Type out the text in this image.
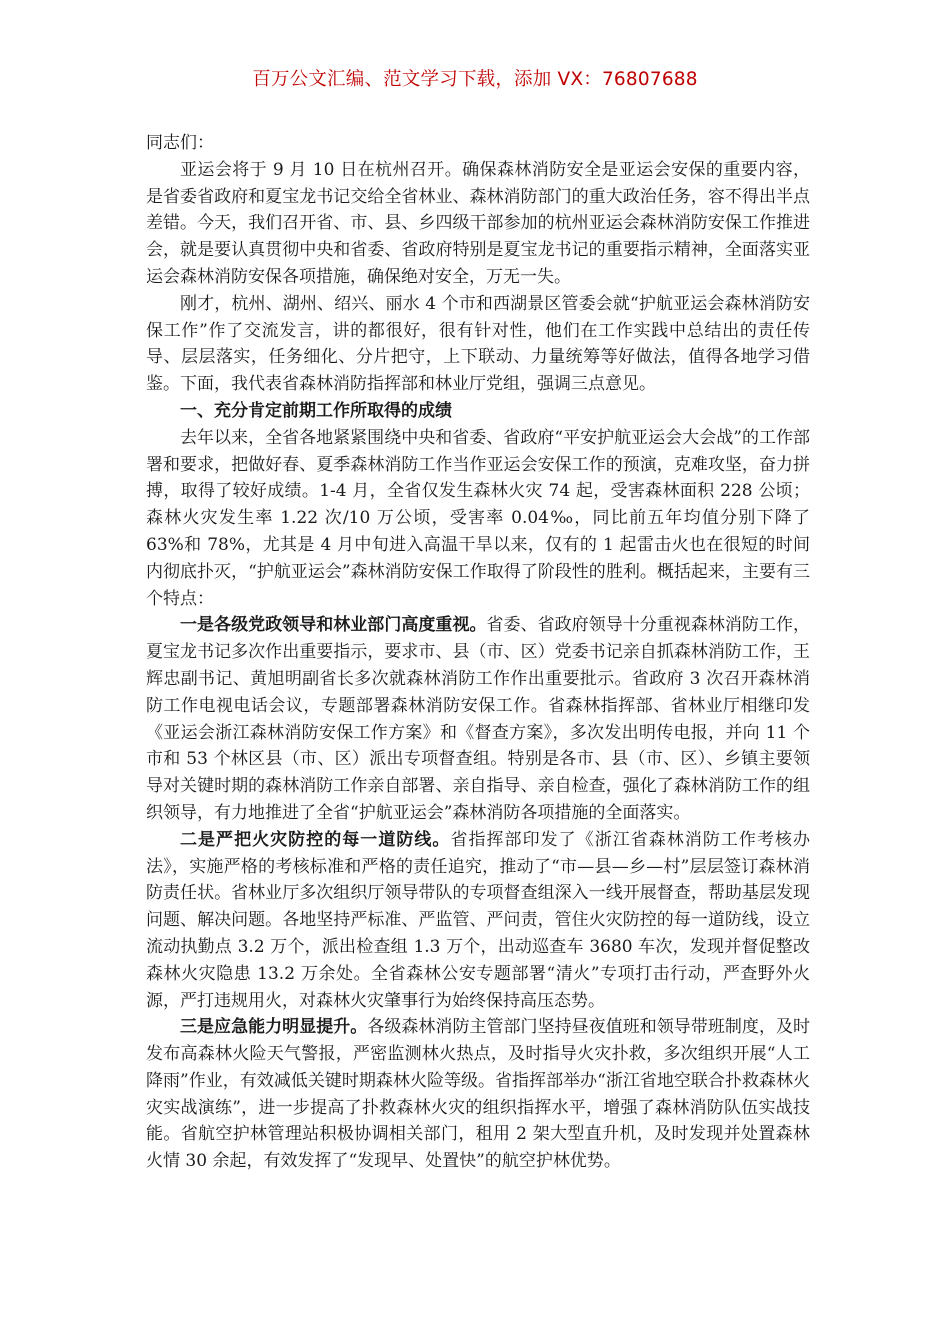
百万公文汇编、范文学习下载，添加 VX：76807688

同志们：

亚运会将于 9 月 10 日在杭州召开。确保森林消防安全是亚运会安保的重要内容，是省委省政府和夏宝龙书记交给全省林业、森林消防部门的重大政治任务，容不得出半点差错。今天，我们召开省、市、县、乡四级干部参加的杭州亚运会森林消防安保工作推进会，就是要认真贯彻中央和省委、省政府特别是夏宝龙书记的重要指示精神，全面落实亚运会森林消防安保各项措施，确保绝对安全，万无一失。

刚才，杭州、湖州、绍兴、丽水 4 个市和西湖景区管委会就“护航亚运会森林消防安保工作”作了交流发言，讲的都很好，很有针对性，他们在工作实践中总结出的责任传导、层层落实，任务细化、分片把守，上下联动、力量统筹等好做法，值得各地学习借鉴。下面，我代表省森林消防指挥部和林业厅党组，强调三点意见。

一、充分肯定前期工作所取得的成绩

去年以来，全省各地紧紧围绕中央和省委、省政府“平安护航亚运会大会战”的工作部署和要求，把做好春、夏季森林消防工作当作亚运会安保工作的预演，克难攻坚，奋力拼搏，取得了较好成绩。1-4 月，全省仅发生森林火灾 74 起，受害森林面积 228 公顷；森林火灾发生率 1.22 次/10 万公顷，受害率 0.04‰，同比前五年均值分别下降了 63%和 78%，尤其是 4 月中旬进入高温干旱以来，仅有的 1 起雷击火也在很短的时间内彻底扑灭，“护航亚运会”森林消防安保工作取得了阶段性的胜利。概括起来，主要有三个特点：

一是各级党政领导和林业部门高度重视。省委、省政府领导十分重视森林消防工作，夏宝龙书记多次作出重要指示，要求市、县（市、区）党委书记亲自抓森林消防工作，王辉忠副书记、黄旭明副省长多次就森林消防工作作出重要批示。省政府 3 次召开森林消防工作电视电话会议，专题部署森林消防安保工作。省森林指挥部、省林业厅相继印发《亚运会浙江森林消防安保工作方案》和《督查方案》，多次发出明传电报，并向 11 个市和 53 个林区县（市、区）派出专项督查组。特别是各市、县（市、区）、乡镇主要领导对关键时期的森林消防工作亲自部署、亲自指导、亲自检查，强化了森林消防工作的组织领导，有力地推进了全省“护航亚运会”森林消防各项措施的全面落实。

二是严把火灾防控的每一道防线。省指挥部印发了《浙江省森林消防工作考核办法》，实施严格的考核标准和严格的责任追究，推动了“市—县—乡—村”层层签订森林消防责任状。省林业厅多次组织厅领导带队的专项督查组深入一线开展督查，帮助基层发现问题、解决问题。各地坚持严标准、严监管、严问责，管住火灾防控的每一道防线，设立流动执勤点 3.2 万个，派出检查组 1.3 万个，出动巡查车 3680 车次，发现并督促整改森林火灾隐患 13.2 万余处。全省森林公安专题部署“清火”专项打击行动，严查野外火源，严打违规用火，对森林火灾肇事行为始终保持高压态势。

三是应急能力明显提升。各级森林消防主管部门坚持昼夜值班和领导带班制度，及时发布高森林火险天气警报，严密监测林火热点，及时指导火灾扑救，多次组织开展“人工降雨”作业，有效减低关键时期森林火险等级。省指挥部举办“浙江省地空联合扑救森林火灾实战演练”，进一步提高了扑救森林火灾的组织指挥水平，增强了森林消防队伍实战技能。省航空护林管理站积极协调相关部门，租用 2 架大型直升机，及时发现并处置森林火情 30 余起，有效发挥了“发现早、处置快”的航空护林优势。
